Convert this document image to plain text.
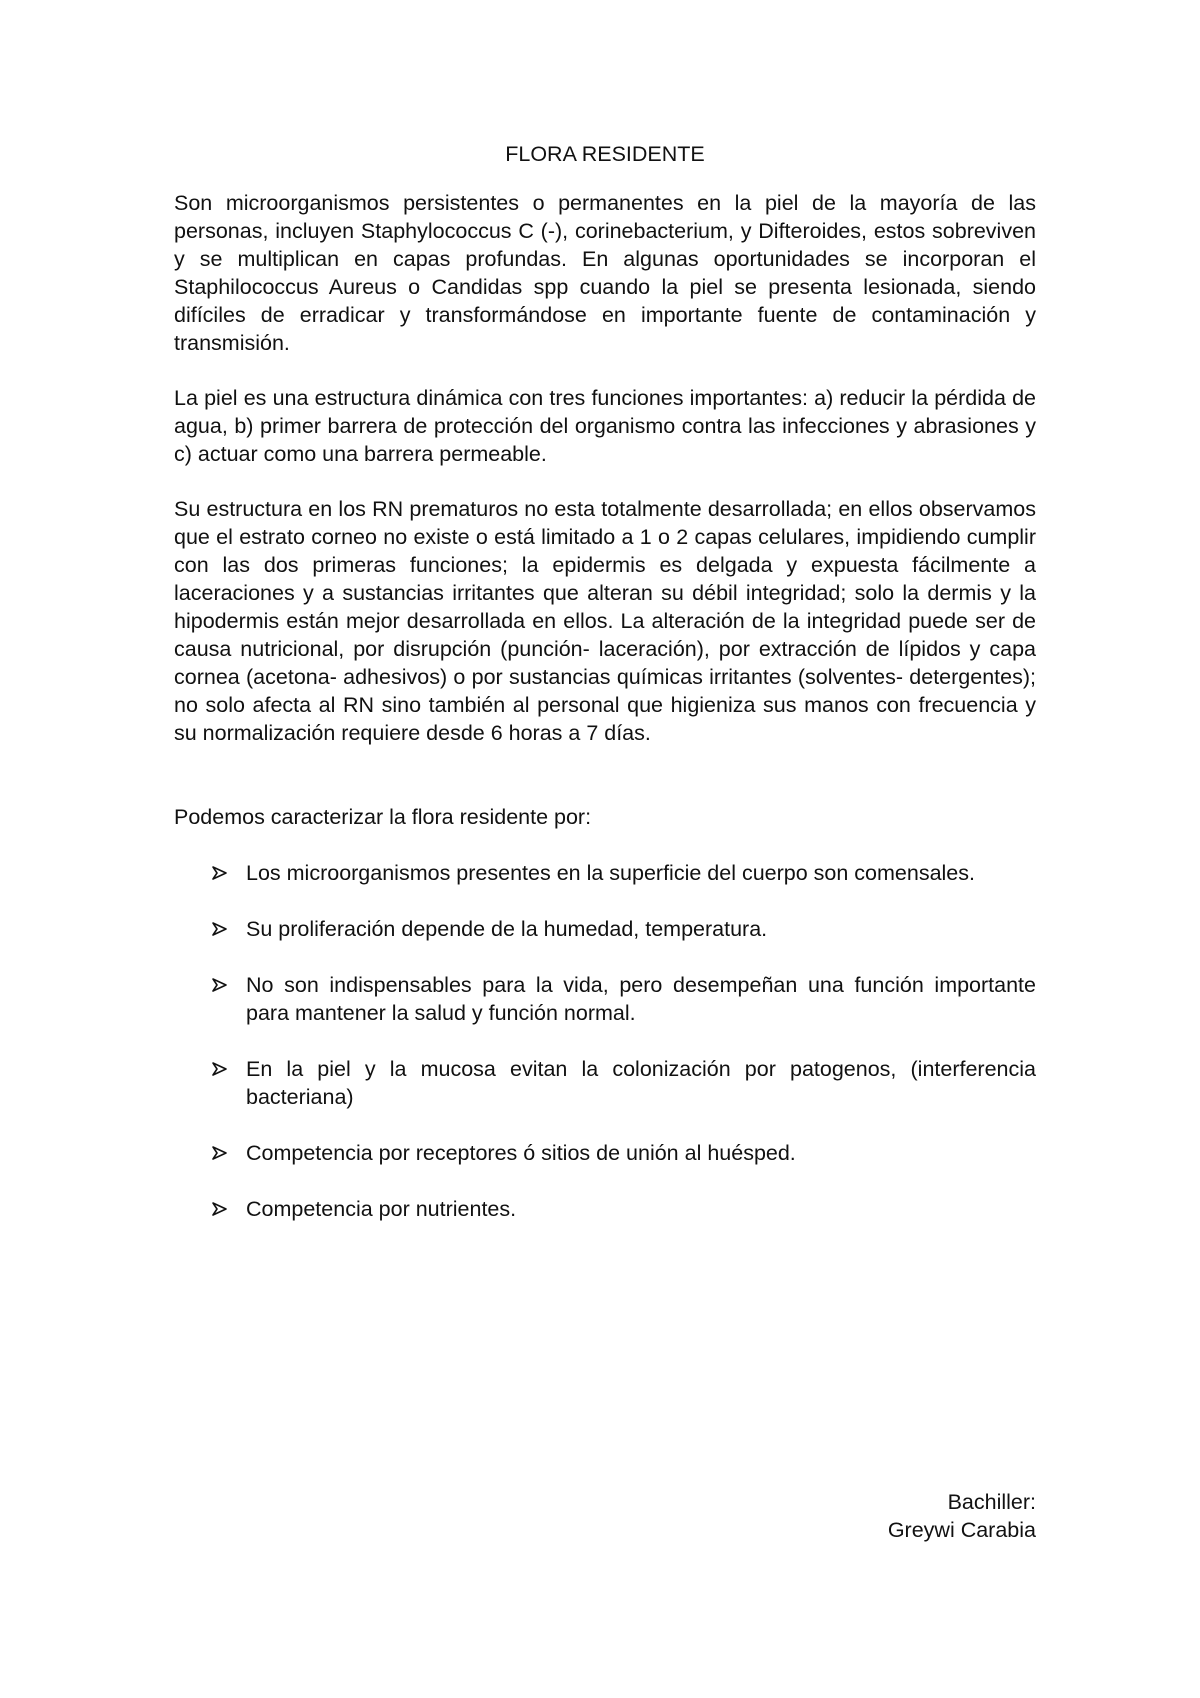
FLORA RESIDENTE

Son microorganismos persistentes o permanentes en la piel de la mayoría de las personas, incluyen Staphylococcus C (-), corinebacterium, y Difteroides, estos sobreviven y se multiplican en capas profundas. En algunas oportunidades se incorporan el Staphilococcus Aureus o Candidas spp cuando la piel se presenta lesionada, siendo difíciles de erradicar y transformándose en importante fuente de contaminación y transmisión.

La piel es una estructura dinámica con tres funciones importantes: a) reducir la pérdida de agua, b) primer barrera de protección del organismo contra las infecciones y abrasiones y c) actuar como una barrera permeable.

Su estructura en los RN prematuros no esta totalmente desarrollada; en ellos observamos que el estrato corneo no existe o está limitado a 1 o 2 capas celulares, impidiendo cumplir con las dos primeras funciones; la epidermis es delgada y expuesta fácilmente a laceraciones y a sustancias irritantes que alteran su débil integridad; solo la dermis y la hipodermis están mejor desarrollada en ellos. La alteración de la integridad puede ser de causa nutricional, por disrupción (punción- laceración), por extracción de lípidos y capa cornea (acetona- adhesivos) o por sustancias químicas irritantes (solventes- detergentes); no solo afecta al RN sino también al personal que higieniza sus manos con frecuencia y su normalización requiere desde 6 horas a 7 días.

Podemos caracterizar la flora residente por:

Los microorganismos presentes en la superficie del cuerpo son comensales.
Su proliferación depende de la humedad, temperatura.
No son indispensables para la vida, pero desempeñan una función importante para mantener la salud y función normal.
En la piel y la mucosa evitan la colonización por patogenos, (interferencia bacteriana)
Competencia por receptores ó sitios de unión al huésped.
Competencia por nutrientes.
Bachiller:
Greywi Carabia
